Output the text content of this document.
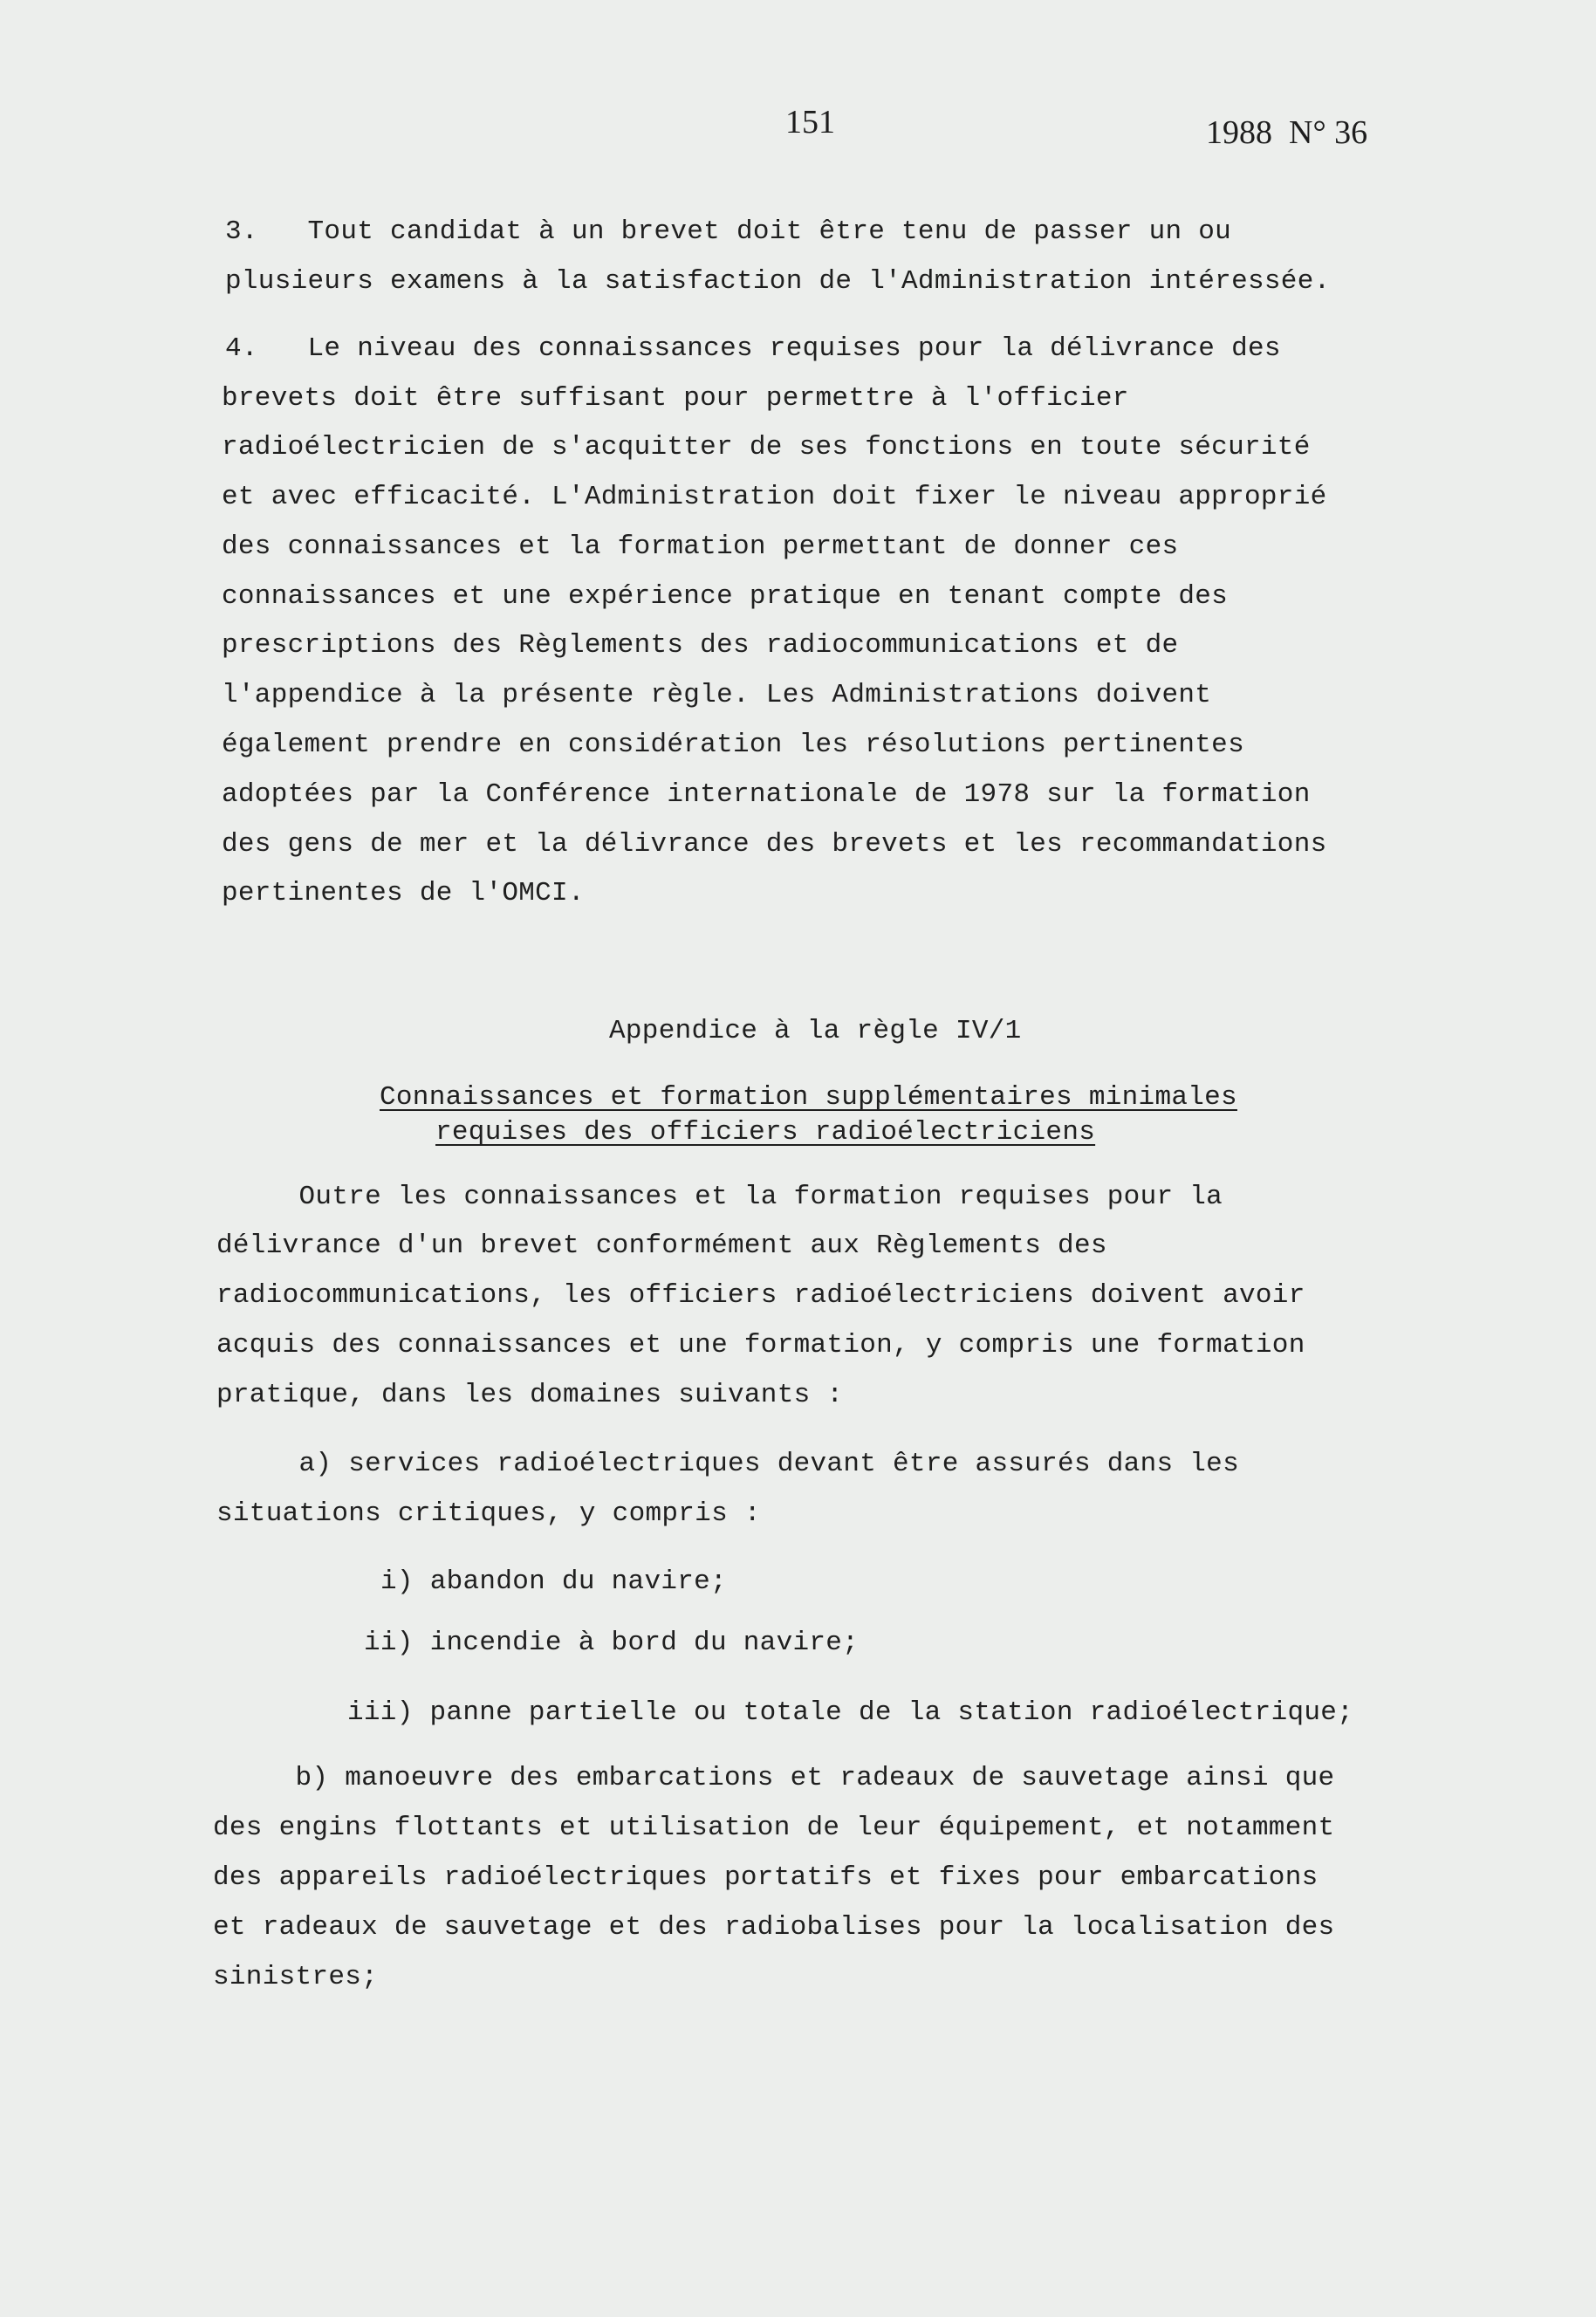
151	1988  N° 36
3.   Tout candidat à un brevet doit être tenu de passer un ou
plusieurs examens à la satisfaction de l'Administration intéressée.
4.   Le niveau des connaissances requises pour la délivrance des
brevets doit être suffisant pour permettre à l'officier
radioélectricien de s'acquitter de ses fonctions en toute sécurité
et avec efficacité. L'Administration doit fixer le niveau approprié
des connaissances et la formation permettant de donner ces
connaissances et une expérience pratique en tenant compte des
prescriptions des Règlements des radiocommunications et de
l'appendice à la présente règle. Les Administrations doivent
également prendre en considération les résolutions pertinentes
adoptées par la Conférence internationale de 1978 sur la formation
des gens de mer et la délivrance des brevets et les recommandations
pertinentes de l'OMCI.
Appendice à la règle IV/1
Connaissances et formation supplémentaires minimales
requises des officiers radioélectriciens
Outre les connaissances et la formation requises pour la
délivrance d'un brevet conformément aux Règlements des
radiocommunications, les officiers radioélectriciens doivent avoir
acquis des connaissances et une formation, y compris une formation
pratique, dans les domaines suivants :
a) services radioélectriques devant être assurés dans les
situations critiques, y compris :
i) abandon du navire;
ii) incendie à bord du navire;
iii) panne partielle ou totale de la station radioélectrique;
b) manoeuvre des embarcations et radeaux de sauvetage ainsi que
des engins flottants et utilisation de leur équipement, et notamment
des appareils radioélectriques portatifs et fixes pour embarcations
et radeaux de sauvetage et des radiobalises pour la localisation des
sinistres;
